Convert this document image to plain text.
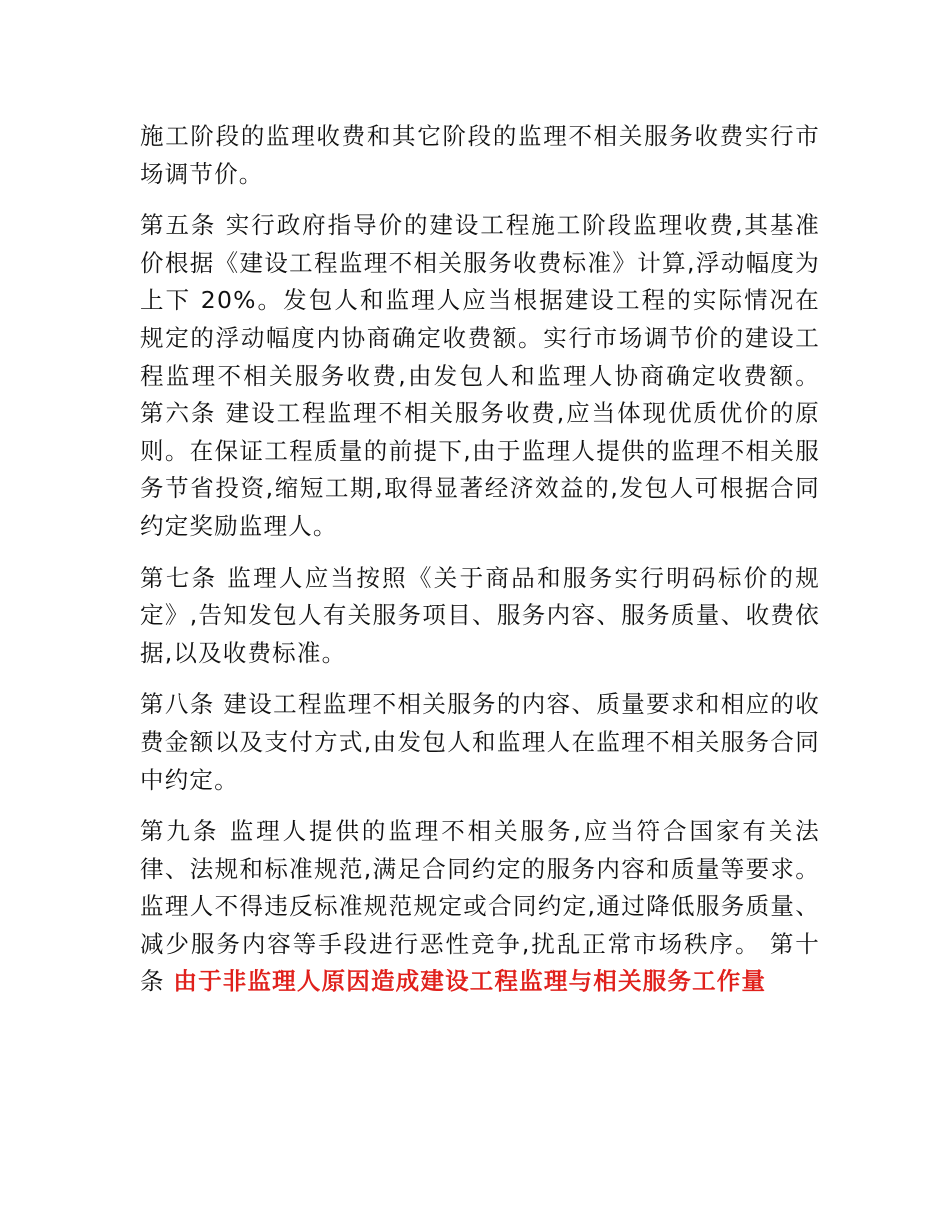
施工阶段的监理收费和其它阶段的监理不相关服务收费实行市场调节价。

第五条 实行政府指导价的建设工程施工阶段监理收费,其基准价根据《建设工程监理不相关服务收费标准》计算,浮动幅度为上下 20%。发包人和监理人应当根据建设工程的实际情况在规定的浮动幅度内协商确定收费额。实行市场调节价的建设工程监理不相关服务收费,由发包人和监理人协商确定收费额。 第六条 建设工程监理不相关服务收费,应当体现优质优价的原则。在保证工程质量的前提下,由于监理人提供的监理不相关服务节省投资,缩短工期,取得显著经济效益的,发包人可根据合同约定奖励监理人。

第七条 监理人应当按照《关于商品和服务实行明码标价的规定》,告知发包人有关服务项目、服务内容、服务质量、收费依据,以及收费标准。

第八条 建设工程监理不相关服务的内容、质量要求和相应的收费金额以及支付方式,由发包人和监理人在监理不相关服务合同中约定。

第九条 监理人提供的监理不相关服务,应当符合国家有关法律、法规和标准规范,满足合同约定的服务内容和质量等要求。监理人不得违反标准规范规定或合同约定,通过降低服务质量、减少服务内容等手段进行恶性竞争,扰乱正常市场秩序。 第十条 由于非监理人原因造成建设工程监理与相关服务工作量
